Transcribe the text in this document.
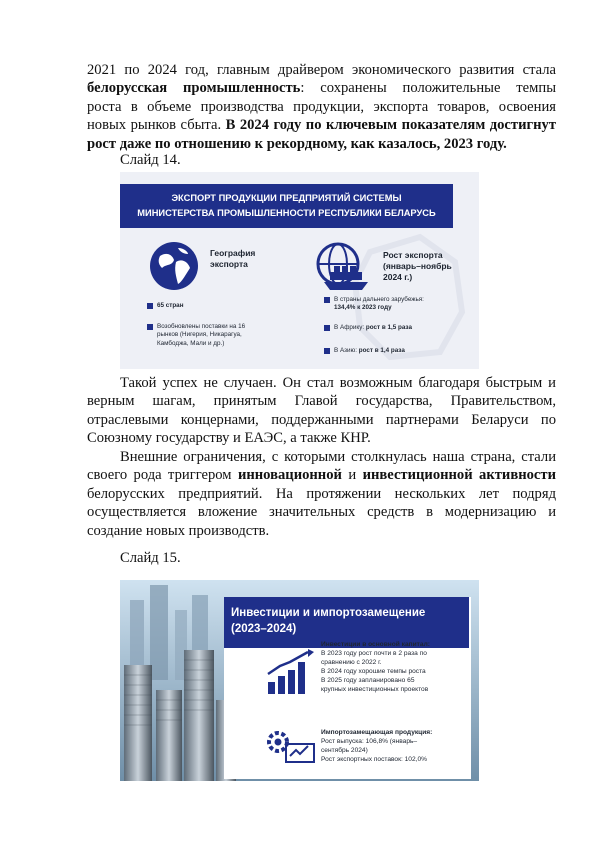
2021 по 2024 год, главным драйвером экономического развития стала
белорусская промышленность: сохранены положительные темпы
роста в объеме производства продукции, экспорта товаров, освоения
новых рынков сбыта. В 2024 году по ключевым показателям достигнут
рост даже по отношению к рекордному, как казалось, 2023 году.
Слайд 14.
ЭКСПОРТ ПРОДУКЦИИ ПРЕДПРИЯТИЙ СИСТЕМЫ
МИНИСТЕРСТВА ПРОМЫШЛЕННОСТИ РЕСПУБЛИКИ БЕЛАРУСЬ
География
экспорта
65 стран
Возобновлены поставки на 16
рынков (Нигерия, Никарагуа,
Камбоджа, Мали и др.)
Рост экспорта
(январь–ноябрь
2024 г.)
В страны дальнего зарубежья:
134,4% к 2023 году
В Африку: рост в 1,5 раза
В Азию: рост в 1,4 раза
Такой успех не случаен. Он стал возможным благодаря быстрым и
верным шагам, принятым Главой государства, Правительством,
отраслевыми концернами, поддержанными партнерами Беларуси по
Союзному государству и ЕАЭС, а также КНР.
Внешние ограничения, с которыми столкнулась наша страна, стали
своего рода триггером инновационной и инвестиционной активности
белорусских предприятий. На протяжении нескольких лет подряд
осуществляется вложение значительных средств в модернизацию и
создание новых производств.
Слайд 15.
Инвестиции и импортозамещение
(2023–2024)
Инвестиции в основной капитал:
В 2023 году рост почти в 2 раза по
сравнению с 2022 г.
В 2024 году хорошие темпы роста
В 2025 году запланировано 65
крупных инвестиционных проектов
Импортозамещающая продукция:
Рост выпуска: 106,8% (январь–
сентябрь 2024)
Рост экспортных поставок: 102,0%
